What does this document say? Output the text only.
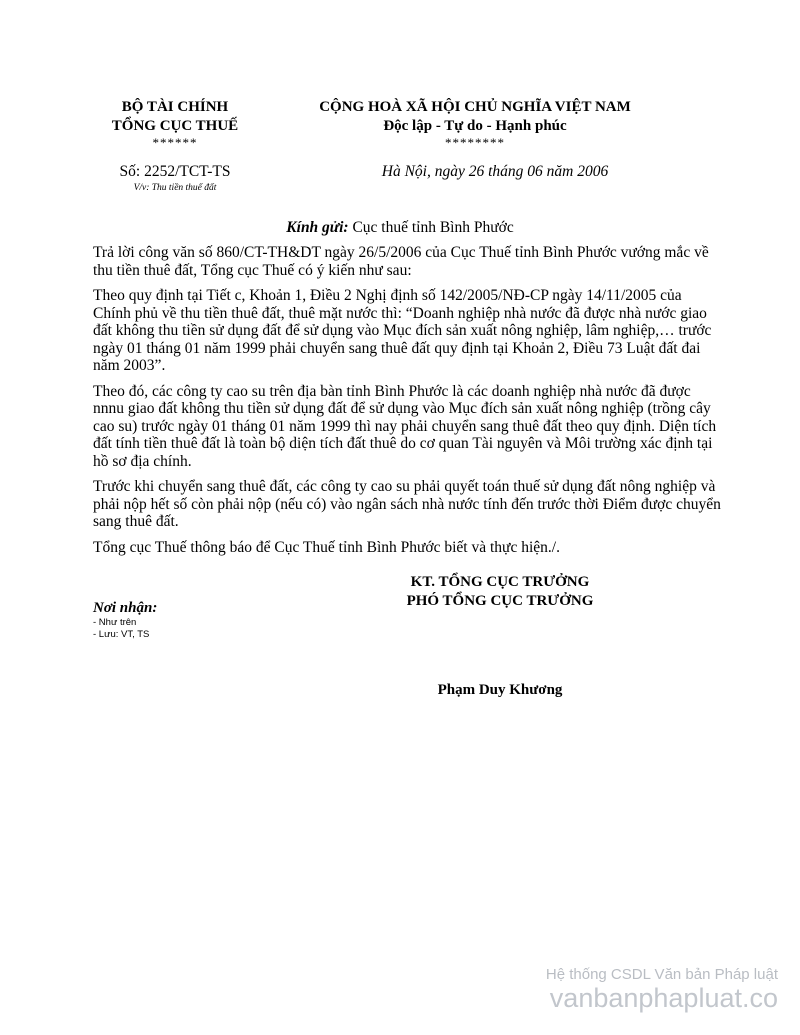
BỘ TÀI CHÍNH
TỔNG CỤC THUẾ
******
Số: 2252/TCT-TS
V/v: Thu tiền thuế đất
CỘNG HOÀ XÃ HỘI CHỦ NGHĨA VIỆT NAM
Độc lập - Tự do - Hạnh phúc
********
Hà Nội, ngày 26 tháng 06 năm 2006
Kính gửi: Cục thuế tỉnh Bình Phước

Trả lời công văn số 860/CT-TH&DT ngày 26/5/2006 của Cục Thuế tỉnh Bình Phước vướng mắc về thu tiền thuê đất, Tổng cục Thuế có ý kiến như sau:

Theo quy định tại Tiết c, Khoản 1, Điều 2 Nghị định số 142/2005/NĐ-CP ngày 14/11/2005 của Chính phủ về thu tiền thuê đất, thuê mặt nước thì: “Doanh nghiệp nhà nước đã được nhà nước giao đất không thu tiền sử dụng đất để sử dụng vào Mục đích sản xuất nông nghiệp, lâm nghiệp,… trước ngày 01 tháng 01 năm 1999 phải chuyển sang thuê đất quy định tại Khoản 2, Điều 73 Luật đất đai năm 2003”.

Theo đó, các công ty cao su trên địa bàn tỉnh Bình Phước là các doanh nghiệp nhà nước đã được nnnu giao đất không thu tiền sử dụng đất để sử dụng vào Mục đích sản xuất nông nghiệp (trồng cây cao su) trước ngày 01 tháng 01 năm 1999 thì nay phải chuyển sang thuê đất theo quy định. Diện tích đất tính tiền thuê đất là toàn bộ diện tích đất thuê do cơ quan Tài nguyên và Môi trường xác định tại hồ sơ địa chính.

Trước khi chuyển sang thuê đất, các công ty cao su phải quyết toán thuế sử dụng đất nông nghiệp và phải nộp hết số còn phải nộp (nếu có) vào ngân sách nhà nước tính đến trước thời Điểm được chuyển sang thuê đất.

Tổng cục Thuế thông báo để Cục Thuế tỉnh Bình Phước biết và thực hiện./.

KT. TỔNG CỤC TRƯỞNG
PHÓ TỔNG CỤC TRƯỞNG
Nơi nhận:
- Như trên
- Lưu: VT, TS
Phạm Duy Khương
Hệ thống CSDL Văn bản Pháp luật
vanbanphapluat.co
